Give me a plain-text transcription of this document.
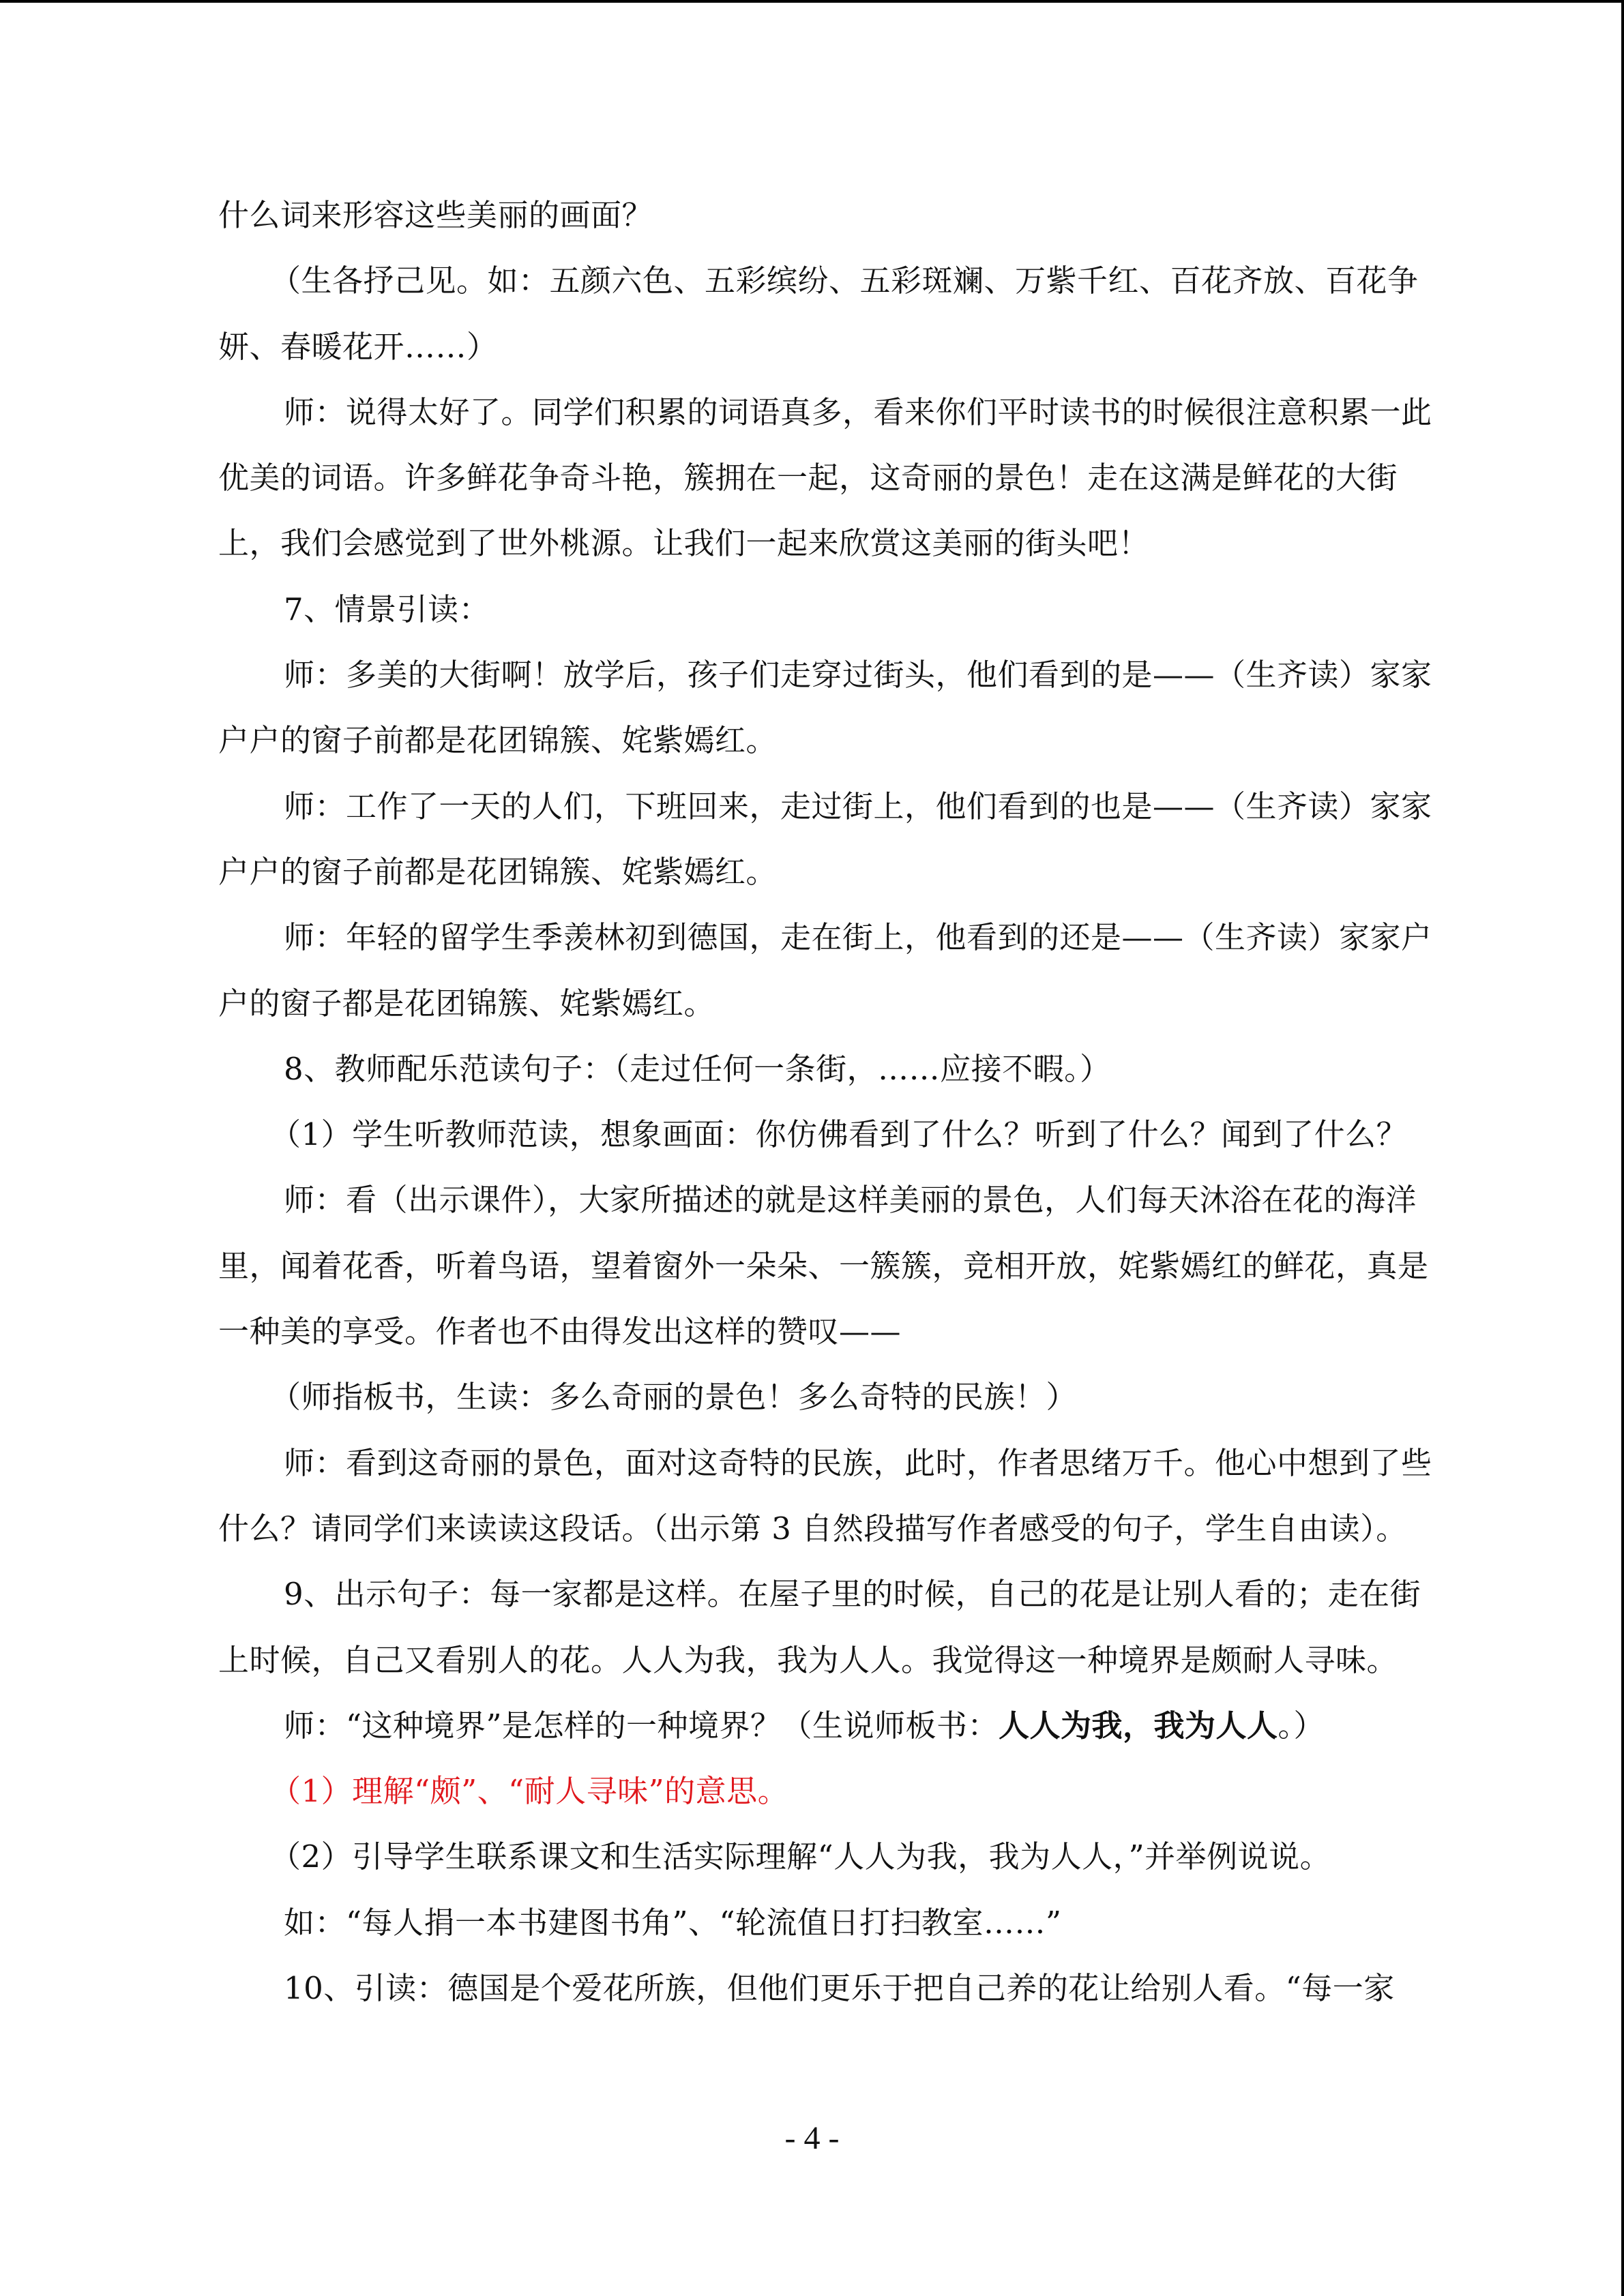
什么词来形容这些美丽的画面？

（生各抒己见。如：五颜六色、五彩缤纷、五彩斑斓、万紫千红、百花齐放、百花争妍、春暖花开……）

师：说得太好了。同学们积累的词语真多，看来你们平时读书的时候很注意积累一此优美的词语。许多鲜花争奇斗艳，簇拥在一起，这奇丽的景色！走在这满是鲜花的大街上，我们会感觉到了世外桃源。让我们一起来欣赏这美丽的街头吧！

7、情景引读：

师：多美的大街啊！放学后，孩子们走穿过街头，他们看到的是——（生齐读）家家户户的窗子前都是花团锦簇、姹紫嫣红。

师：工作了一天的人们，下班回来，走过街上，他们看到的也是——（生齐读）家家户户的窗子前都是花团锦簇、姹紫嫣红。

师：年轻的留学生季羡林初到德国，走在街上，他看到的还是——（生齐读）家家户户的窗子都是花团锦簇、姹紫嫣红。

8、教师配乐范读句子：（走过任何一条街，……应接不暇。）

（1）学生听教师范读，想象画面：你仿佛看到了什么？听到了什么？闻到了什么？

师：看（出示课件），大家所描述的就是这样美丽的景色，人们每天沐浴在花的海洋里，闻着花香，听着鸟语，望着窗外一朵朵、一簇簇，竞相开放，姹紫嫣红的鲜花，真是一种美的享受。作者也不由得发出这样的赞叹——

（师指板书，生读：多么奇丽的景色！多么奇特的民族！）

师：看到这奇丽的景色，面对这奇特的民族，此时，作者思绪万千。他心中想到了些什么？请同学们来读读这段话。（出示第 3 自然段描写作者感受的句子，学生自由读）。

9、出示句子：每一家都是这样。在屋子里的时候，自己的花是让别人看的；走在街上时候，自己又看别人的花。人人为我，我为人人。我觉得这一种境界是颇耐人寻味。

师：“这种境界”是怎样的一种境界？（生说师板书：人人为我，我为人人。）

（1）理解“颇”、“耐人寻味”的意思。

（2）引导学生联系课文和生活实际理解“人人为我，我为人人，”并举例说说。

如：“每人捐一本书建图书角”、“轮流值日打扫教室……”

10、引读：德国是个爱花所族，但他们更乐于把自己养的花让给别人看。“每一家

- 4 -
